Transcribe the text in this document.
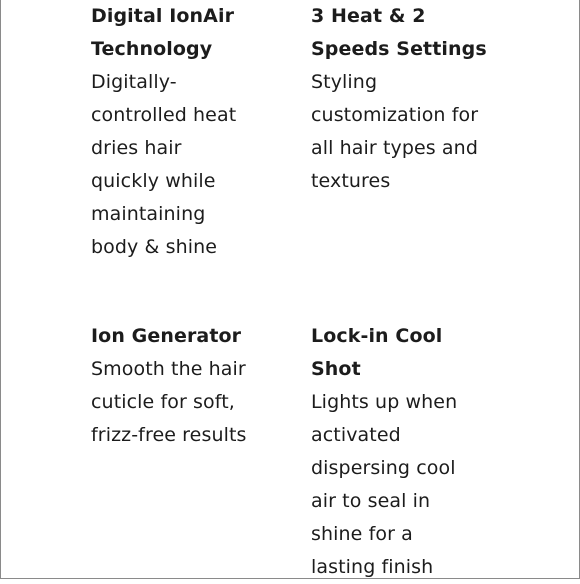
Digital IonAir Technology

Digitally-controlled heat dries hair quickly while maintaining body & shine

3 Heat & 2 Speeds Settings

Styling customization for all hair types and textures

Ion Generator

Smooth the hair cuticle for soft, frizz-free results

Lock-in Cool Shot

Lights up when activated dispersing cool air to seal in shine for a lasting finish
